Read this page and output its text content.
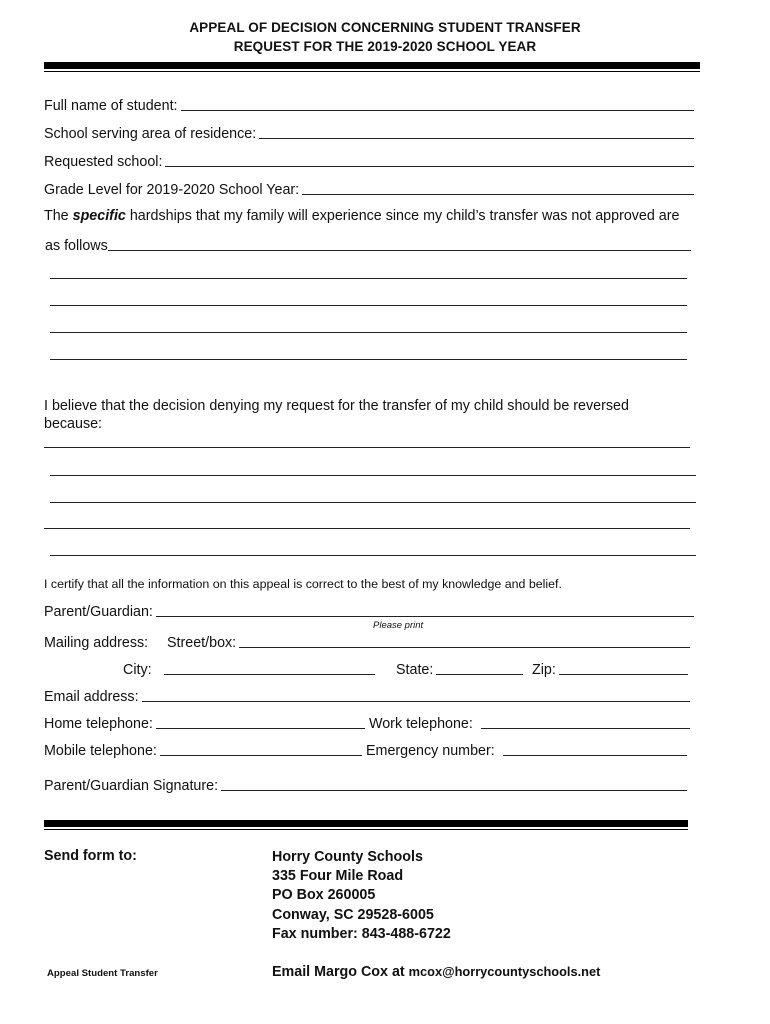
APPEAL OF DECISION CONCERNING STUDENT TRANSFER
REQUEST FOR THE 2019-2020 SCHOOL YEAR
Full name of student:
School serving area of residence:
Requested school:
Grade Level for 2019-2020 School Year:
The specific hardships that my family will experience since my child’s transfer was not approved are
as follows
I believe that the decision denying my request for the transfer of my child should be reversed
because:
I certify that all the information on this appeal is correct to the best of my knowledge and belief.
Parent/Guardian:
Please print
Mailing address: Street/box:
City:	State:	Zip:
Email address:
Home telephone:	Work telephone:
Mobile telephone:	Emergency number:
Parent/Guardian Signature:
Send form to:	Horry County Schools
335 Four Mile Road
PO Box 260005
Conway, SC 29528-6005
Fax number: 843-488-6722
Appeal Student Transfer	Email Margo Cox at mcox@horrycountyschools.net
